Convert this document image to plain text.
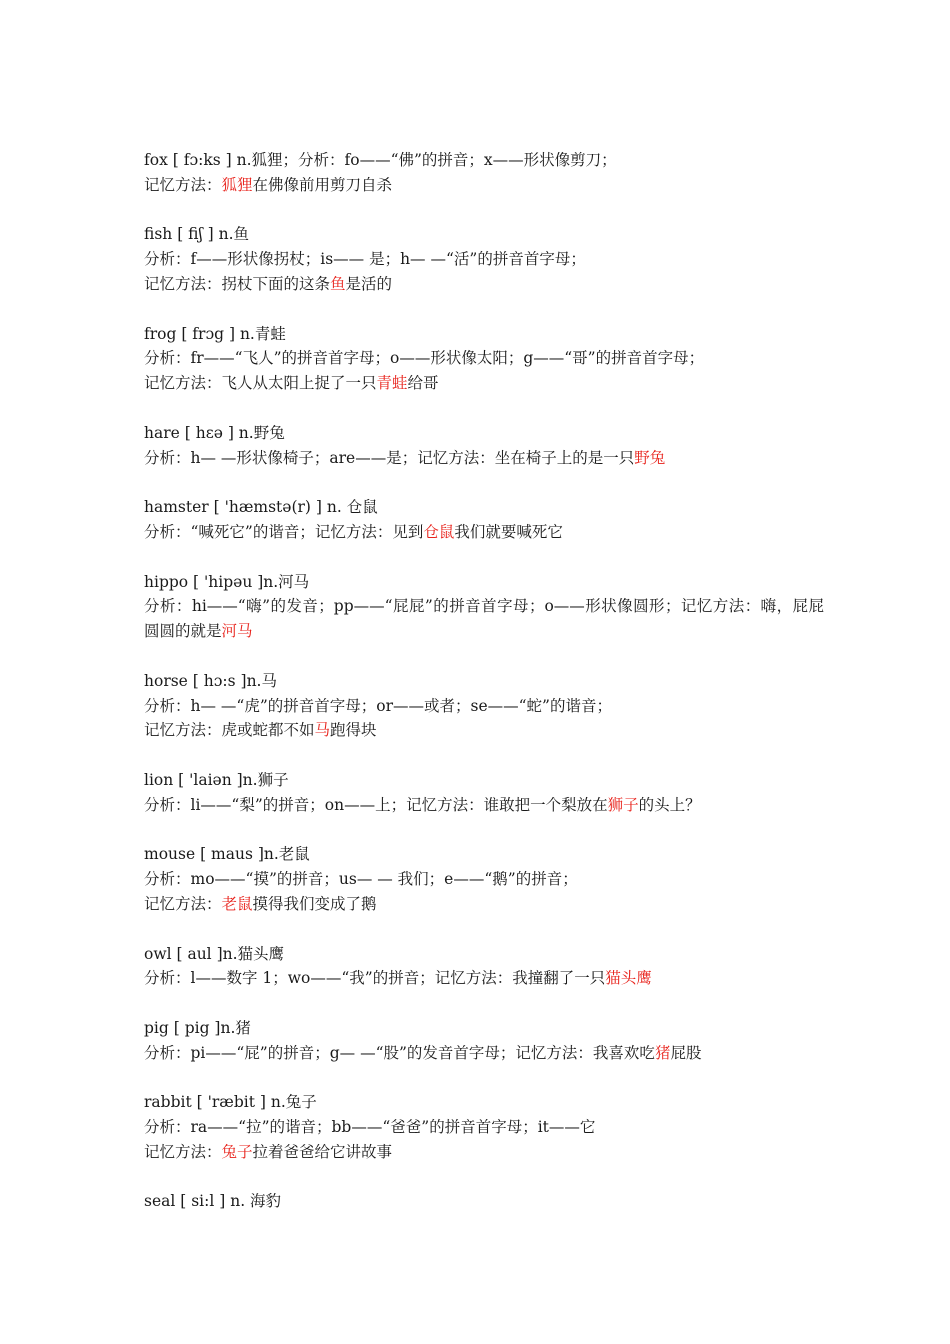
fox [ fɔ:ks ] n.狐狸；分析：fo——“佛”的拼音；x——形状像剪刀；
记忆方法：狐狸在佛像前用剪刀自杀
fish [ fiʃ ] n.鱼
分析：f——形状像拐杖；is—— 是；h— —“活”的拼音首字母；
记忆方法：拐杖下面的这条鱼是活的
frog [ frɔg ] n.青蛙
分析：fr——“飞人”的拼音首字母；o——形状像太阳；g——“哥”的拼音首字母；
记忆方法：飞人从太阳上捉了一只青蛙给哥
hare [ hɛə ] n.野兔
分析：h— —形状像椅子；are——是；记忆方法：坐在椅子上的是一只野兔
hamster [ 'hæmstə(r) ] n. 仓鼠
分析：“喊死它”的谐音；记忆方法：见到仓鼠我们就要喊死它
hippo [ 'hipəu ]n.河马
分析：hi——“嗨”的发音；pp——“屁屁”的拼音首字母；o——形状像圆形；记忆方法：嗨，屁屁圆圆的就是河马
horse [ hɔ:s ]n.马
分析：h— —“虎”的拼音首字母；or——或者；se——“蛇”的谐音；
记忆方法：虎或蛇都不如马跑得块
lion [ 'laiən ]n.狮子
分析：li——“梨”的拼音；on——上；记忆方法：谁敢把一个梨放在狮子的头上？
mouse [ maus ]n.老鼠
分析：mo——“摸”的拼音；us— — 我们；e——“鹅”的拼音；
记忆方法：老鼠摸得我们变成了鹅
owl [ aul ]n.猫头鹰
分析：l——数字 1；wo——“我”的拼音；记忆方法：我撞翻了一只猫头鹰
pig [ pig ]n.猪
分析：pi——“屁”的拼音；g— —“股”的发音首字母；记忆方法：我喜欢吃猪屁股
rabbit [ 'ræbit ] n.兔子
分析：ra——“拉”的谐音；bb——“爸爸”的拼音首字母；it——它
记忆方法：兔子拉着爸爸给它讲故事
seal [ si:l ] n. 海豹
